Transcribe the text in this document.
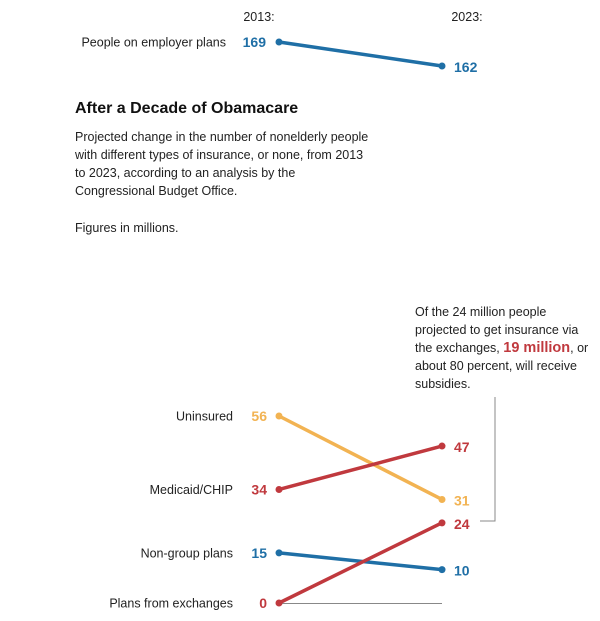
2013:	2023:
People on employer plans 169
162
Uninsured 56
31
Medicaid/CHIP 34
47
Non-group plans 15
10
Plans from exchanges 0
24
After a Decade of Obamacare
Projected change in the number of nonelderly people with different types of insurance, or none, from 2013 to 2023, according to an analysis by the Congressional Budget Office.
Figures in millions.
Of the 24 million people projected to get insurance via the exchanges, 19 million, or about 80 percent, will receive subsidies.
